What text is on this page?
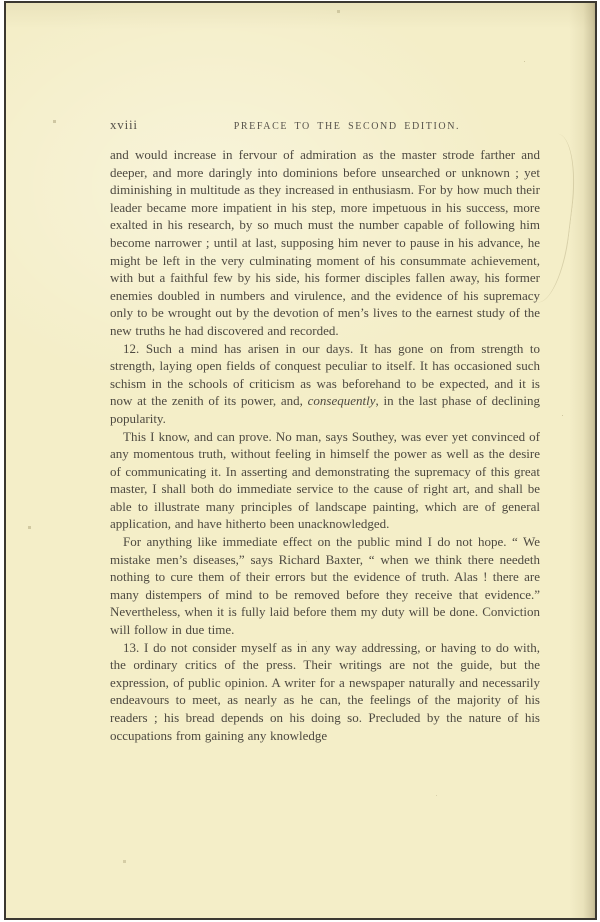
xviii	PREFACE TO THE SECOND EDITION.

and would increase in fervour of admiration as the master strode farther and deeper, and more daringly into dominions before unsearched or unknown ; yet diminishing in multitude as they increased in enthusiasm. For by how much their leader became more impatient in his step, more impetuous in his success, more exalted in his research, by so much must the number capable of following him become narrower ; until at last, supposing him never to pause in his advance, he might be left in the very culminating moment of his consummate achievement, with but a faithful few by his side, his former disciples fallen away, his former enemies doubled in numbers and virulence, and the evidence of his supremacy only to be wrought out by the devotion of men’s lives to the earnest study of the new truths he had discovered and recorded.

12. Such a mind has arisen in our days. It has gone on from strength to strength, laying open fields of conquest peculiar to itself. It has occasioned such schism in the schools of criticism as was beforehand to be expected, and it is now at the zenith of its power, and, consequently, in the last phase of declining popularity.

This I know, and can prove. No man, says Southey, was ever yet convinced of any momentous truth, without feeling in himself the power as well as the desire of communicating it. In asserting and demonstrating the supremacy of this great master, I shall both do immediate service to the cause of right art, and shall be able to illustrate many principles of landscape painting, which are of general application, and have hitherto been unacknowledged.

For anything like immediate effect on the public mind I do not hope. “ We mistake men’s diseases,” says Richard Baxter, “ when we think there needeth nothing to cure them of their errors but the evidence of truth. Alas ! there are many distempers of mind to be removed before they receive that evidence.” Nevertheless, when it is fully laid before them my duty will be done. Conviction will follow in due time.

13. I do not consider myself as in any way addressing, or having to do with, the ordinary critics of the press. Their writings are not the guide, but the expression, of public opinion. A writer for a newspaper naturally and necessarily endeavours to meet, as nearly as he can, the feelings of the majority of his readers ; his bread depends on his doing so. Precluded by the nature of his occupations from gaining any knowledge
